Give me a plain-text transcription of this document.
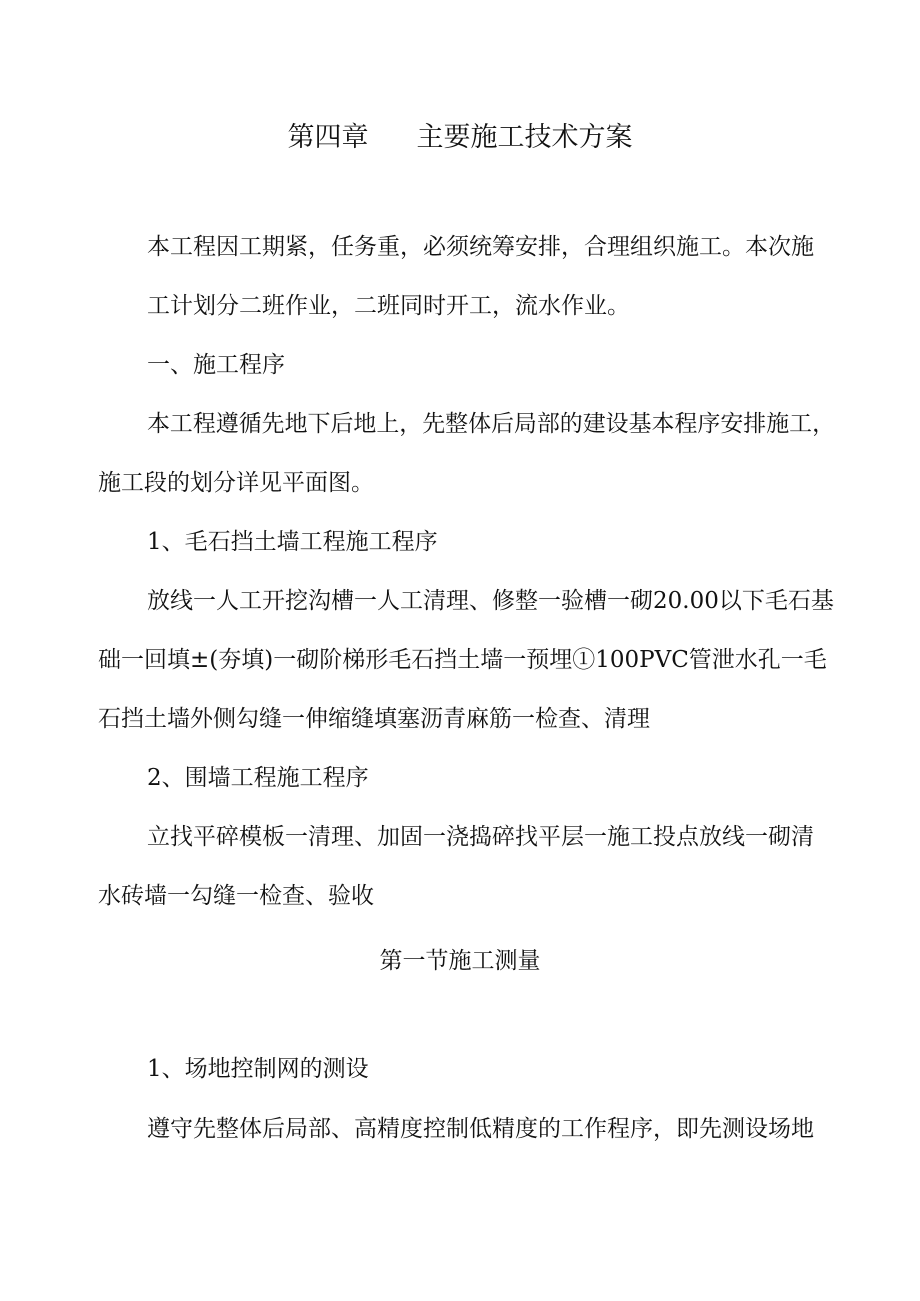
第四章 主要施工技术方案
本工程因工期紧，任务重，必须统筹安排，合理组织施工。本次施
工计划分二班作业，二班同时开工，流水作业。
一、施工程序
本工程遵循先地下后地上，先整体后局部的建设基本程序安排施工，
施工段的划分详见平面图。
1、毛石挡土墙工程施工程序
放线一人工开挖沟槽一人工清理、修整一验槽一砌20.00以下毛石基
础一回填±(夯填)一砌阶梯形毛石挡土墙一预埋①100PVC管泄水孔一毛
石挡土墙外侧勾缝一伸缩缝填塞沥青麻筋一检查、清理
2、围墙工程施工程序
立找平碎模板一清理、加固一浇捣碎找平层一施工投点放线一砌清
水砖墙一勾缝一检查、验收
第一节施工测量
1、场地控制网的测设
遵守先整体后局部、高精度控制低精度的工作程序，即先测设场地
